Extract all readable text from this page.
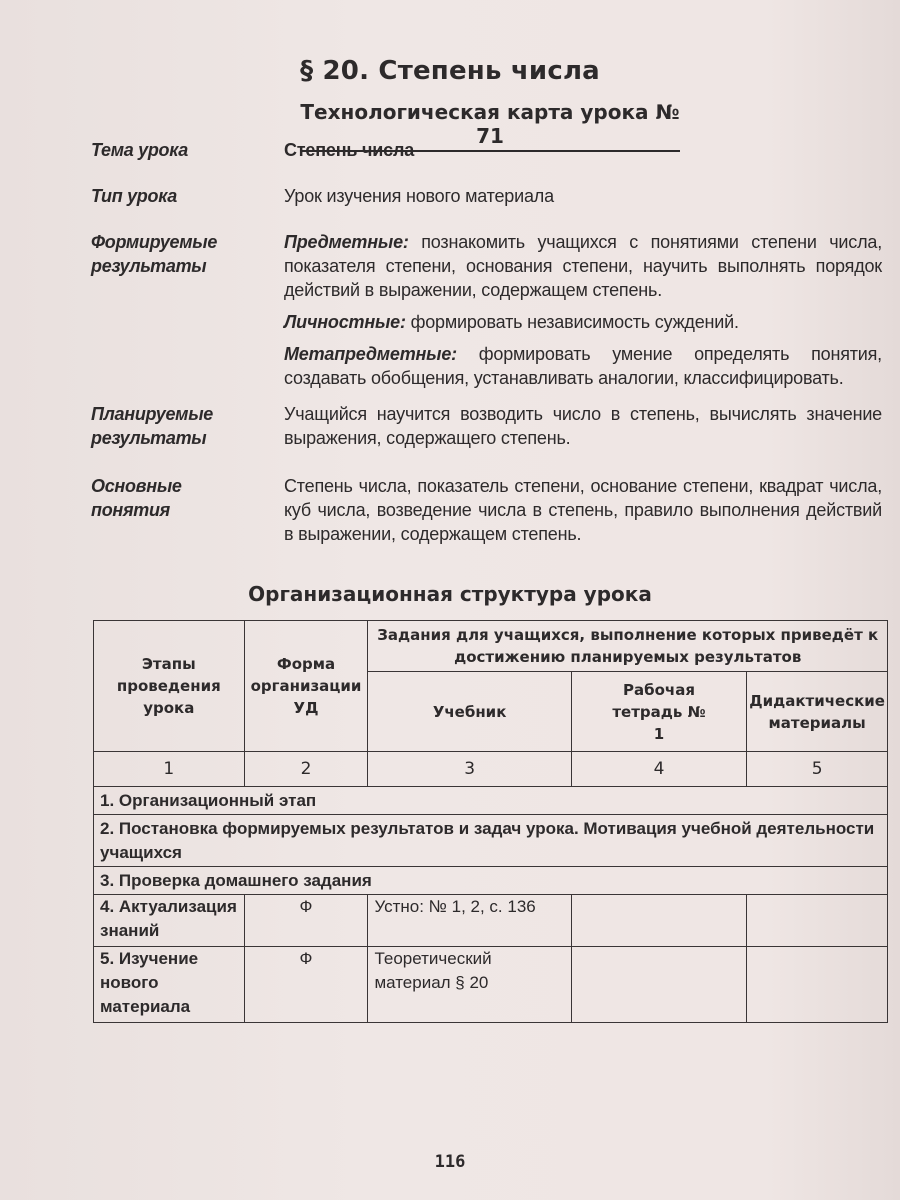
§ 20. Степень числа
Технологическая карта урока № 71
Тема урока	Степень числа
Тип урока	Урок изучения нового материала
Формируемые результаты

Предметные: познакомить учащихся с понятиями степени числа, показателя степени, основания степени, научить выполнять порядок действий в выражении, содержащем степень.

Личностные: формировать независимость суждений.

Метапредметные: формировать умение определять понятия, создавать обобщения, устанавливать аналогии, классифицировать.

Планируемые результаты
Учащийся научится возводить число в степень, вычислять значение выражения, содержащего степень.
Основные понятия
Степень числа, показатель степени, основание степени, квадрат числа, куб числа, возведение числа в степень, правило выполнения действий в выражении, содержащем степень.
Организационная структура урока
Этапы проведения урока	Форма организации УД	Задания для учащихся, выполнение которых приведёт к достижению планируемых результатов		
		Учебник	Рабочая тетрадь № 1	Дидактические материалы
1	2	3	4	5
1. Организационный этап				
2. Постановка формируемых результатов и задач урока. Мотивация учебной деятельности учащихся				
3. Проверка домашнего задания				
4. Актуализация знаний	Ф	Устно: № 1, 2, с. 136		
5. Изучение нового материала	Ф	Теоретический материал § 20		
116
